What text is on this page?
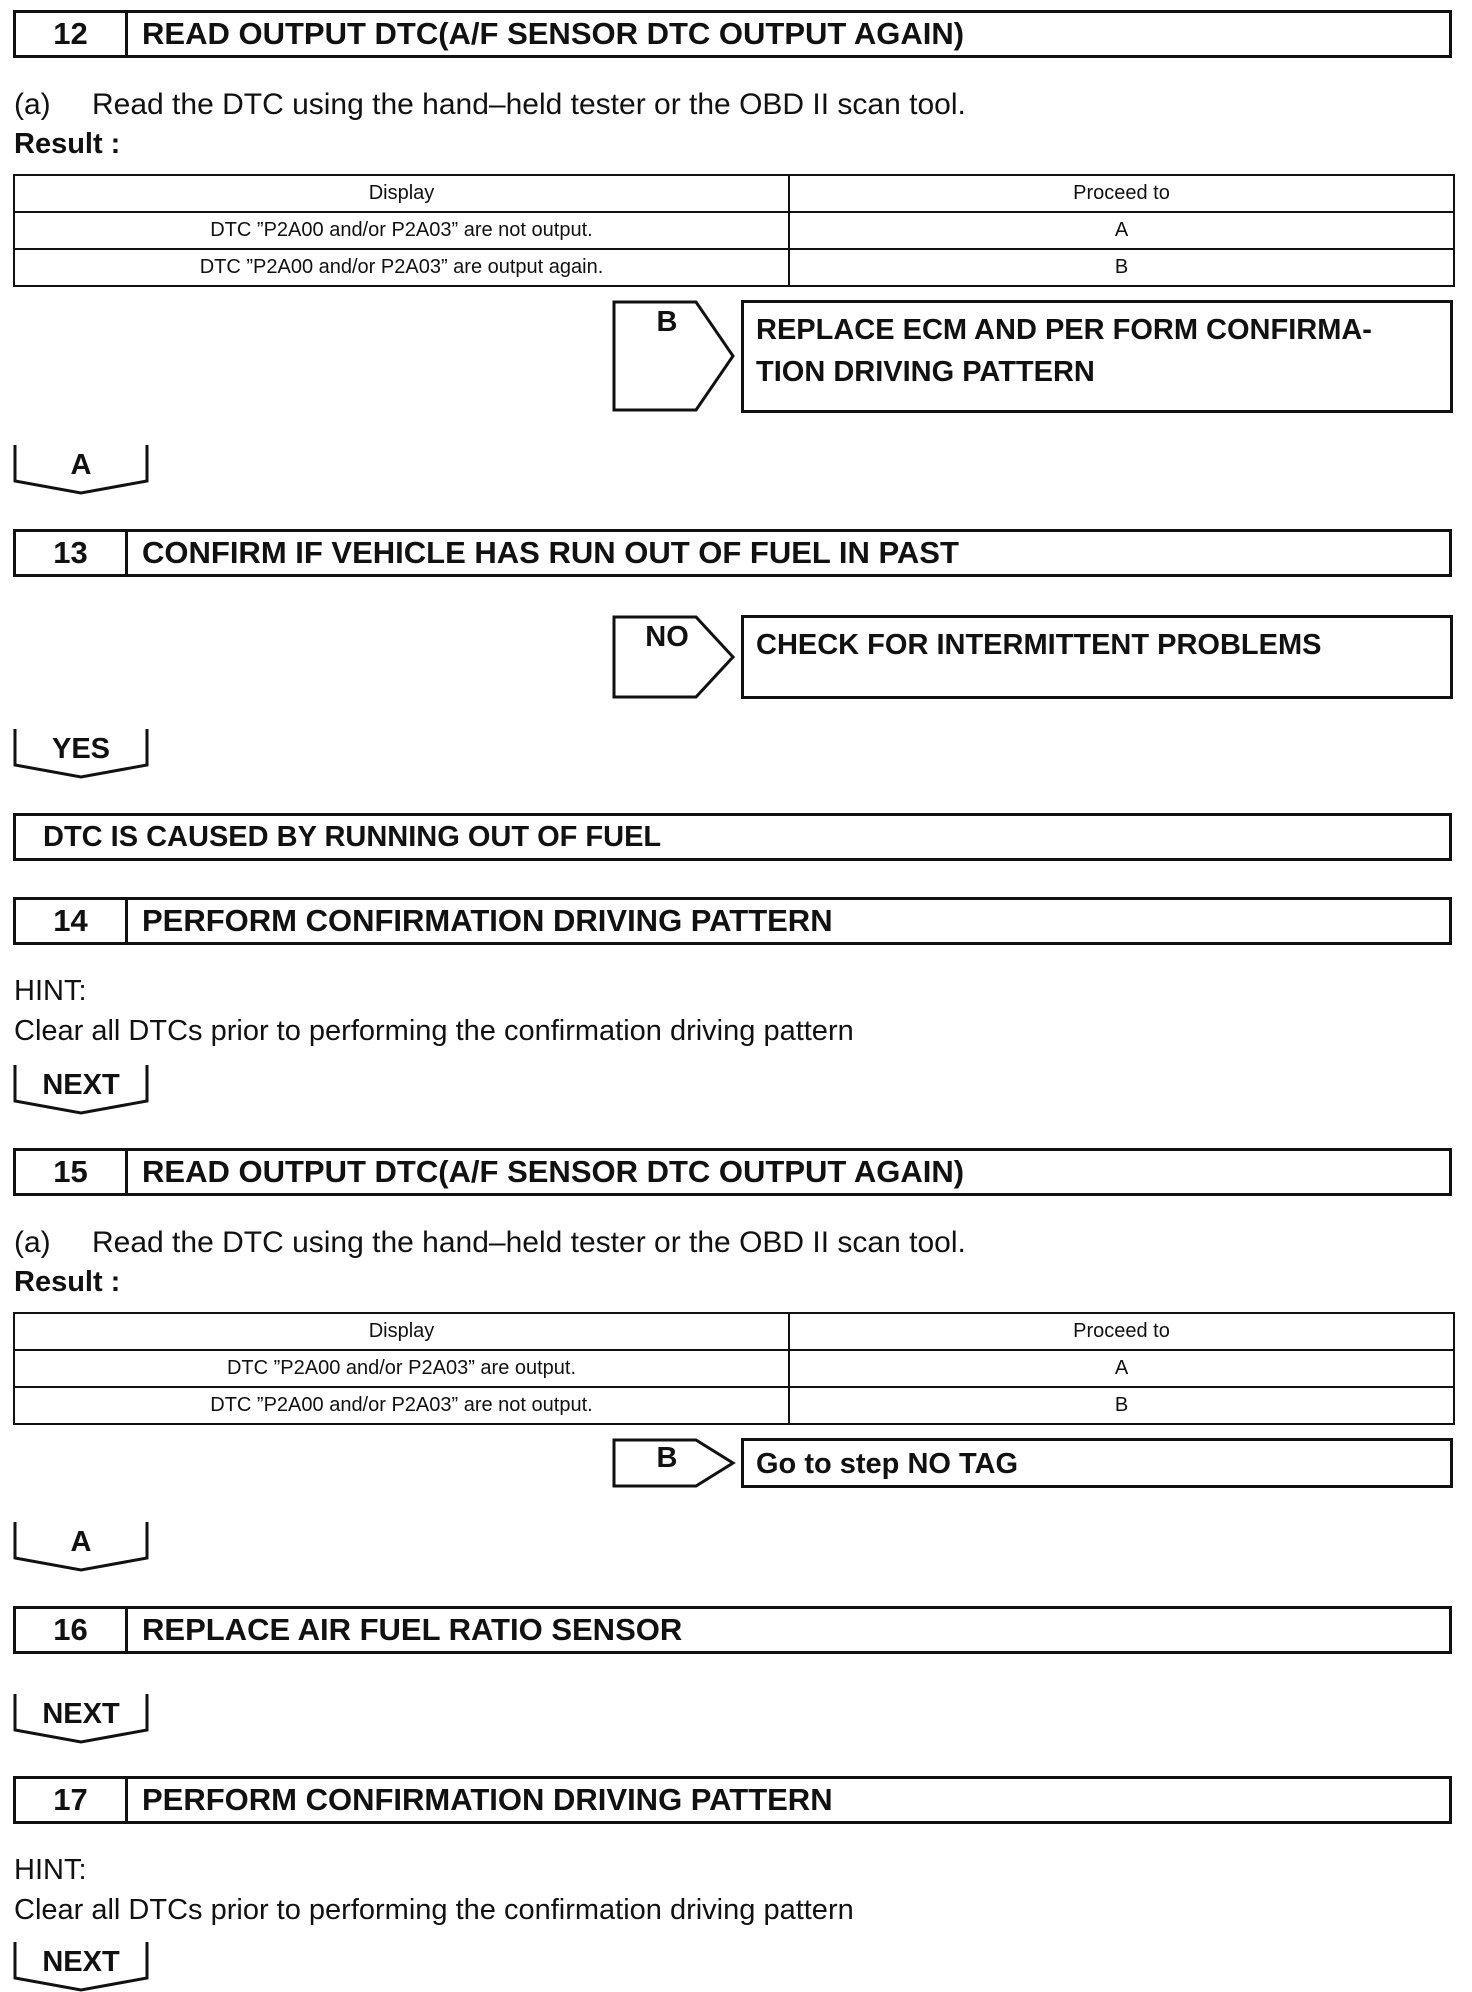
12	READ OUTPUT DTC(A/F SENSOR DTC OUTPUT AGAIN)
(a) Read the DTC using the hand–held tester or the OBD II scan tool.
Result :
Display	Proceed to
DTC ”P2A00 and/or P2A03” are not output.	A
DTC ”P2A00 and/or P2A03” are output again.	B
B	REPLACE ECM AND PER FORM CONFIRMA-
TION DRIVING PATTERN
A
13	CONFIRM IF VEHICLE HAS RUN OUT OF FUEL IN PAST
NO	CHECK FOR INTERMITTENT PROBLEMS
YES
DTC IS CAUSED BY RUNNING OUT OF FUEL
14	PERFORM CONFIRMATION DRIVING PATTERN
HINT:
Clear all DTCs prior to performing the confirmation driving pattern
NEXT
15	READ OUTPUT DTC(A/F SENSOR DTC OUTPUT AGAIN)
(a) Read the DTC using the hand–held tester or the OBD II scan tool.
Result :
Display	Proceed to
DTC ”P2A00 and/or P2A03” are output.	A
DTC ”P2A00 and/or P2A03” are not output.	B
B	Go to step NO TAG
A
16	REPLACE AIR FUEL RATIO SENSOR
NEXT
17	PERFORM CONFIRMATION DRIVING PATTERN
HINT:
Clear all DTCs prior to performing the confirmation driving pattern
NEXT
